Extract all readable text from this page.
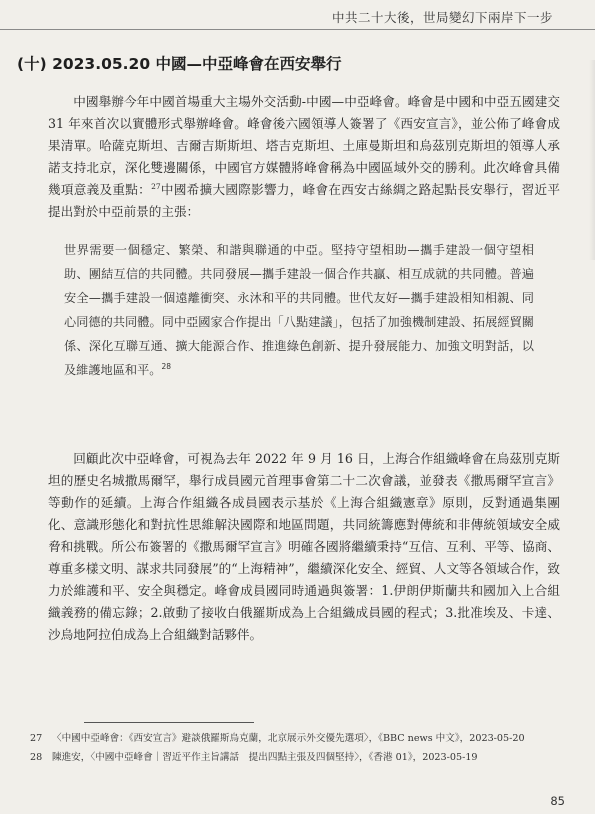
中共二十大後，世局變幻下兩岸下一步
(十) 2023.05.20 中國—中亞峰會在西安舉行

中國舉辦今年中國首場重大主場外交活動-中國—中亞峰會。峰會是中國和中亞五國建交 31 年來首次以實體形式舉辦峰會。峰會後六國領導人簽署了《西安宣言》，並公佈了峰會成果清單。哈薩克斯坦、吉爾吉斯斯坦、塔吉克斯坦、土庫曼斯坦和烏茲別克斯坦的領導人承諾支持北京，深化雙邊關係，中國官方媒體將峰會稱為中國區域外交的勝利。此次峰會具備幾項意義及重點：$^{27}$中國希擴大國際影響力，峰會在西安古絲綢之路起點長安舉行，習近平提出對於中亞前景的主張：

世界需要一個穩定、繁榮、和諧與聯通的中亞。堅持守望相助—攜手建設一個守望相助、團結互信的共同體。共同發展—攜手建設一個合作共贏、相互成就的共同體。普遍安全—攜手建設一個遠離衝突、永沐和平的共同體。世代友好—攜手建設相知相親、同心同德的共同體。同中亞國家合作提出「八點建議」，包括了加強機制建設、拓展經貿關係、深化互聯互通、擴大能源合作、推進綠色創新、提升發展能力、加強文明對話，以及維護地區和平。$^{28}$

回顧此次中亞峰會，可視為去年 2022 年 9 月 16 日，上海合作組織峰會在烏茲別克斯坦的歷史名城撒馬爾罕，舉行成員國元首理事會第二十二次會議，並發表《撒馬爾罕宣言》等動作的延續。上海合作組織各成員國表示基於《上海合組織憲章》原則，反對通過集團化、意識形態化和對抗性思維解決國際和地區問題，共同統籌應對傳統和非傳統領域安全威脅和挑戰。所公布簽署的《撒馬爾罕宣言》明確各國將繼續秉持“互信、互利、平等、協商、尊重多樣文明、謀求共同發展”的“上海精神”，繼續深化安全、經貿、人文等各領域合作，致力於維護和平、安全與穩定。峰會成員國同時通過與簽署：1.伊朗伊斯蘭共和國加入上合組織義務的備忘錄；2.啟動了接收白俄羅斯成為上合組織成員國的程式；3.批准埃及、卡達、沙烏地阿拉伯成為上合組織對話夥伴。

27 〈中國中亞峰會：《西安宣言》避談俄羅斯烏克蘭，北京展示外交優先選項〉，《BBC news 中文》，2023-05-20

28 陳進安，〈中國中亞峰會｜習近平作主旨講話　提出四點主張及四個堅持〉，《香港 01》，2023-05-19

85
